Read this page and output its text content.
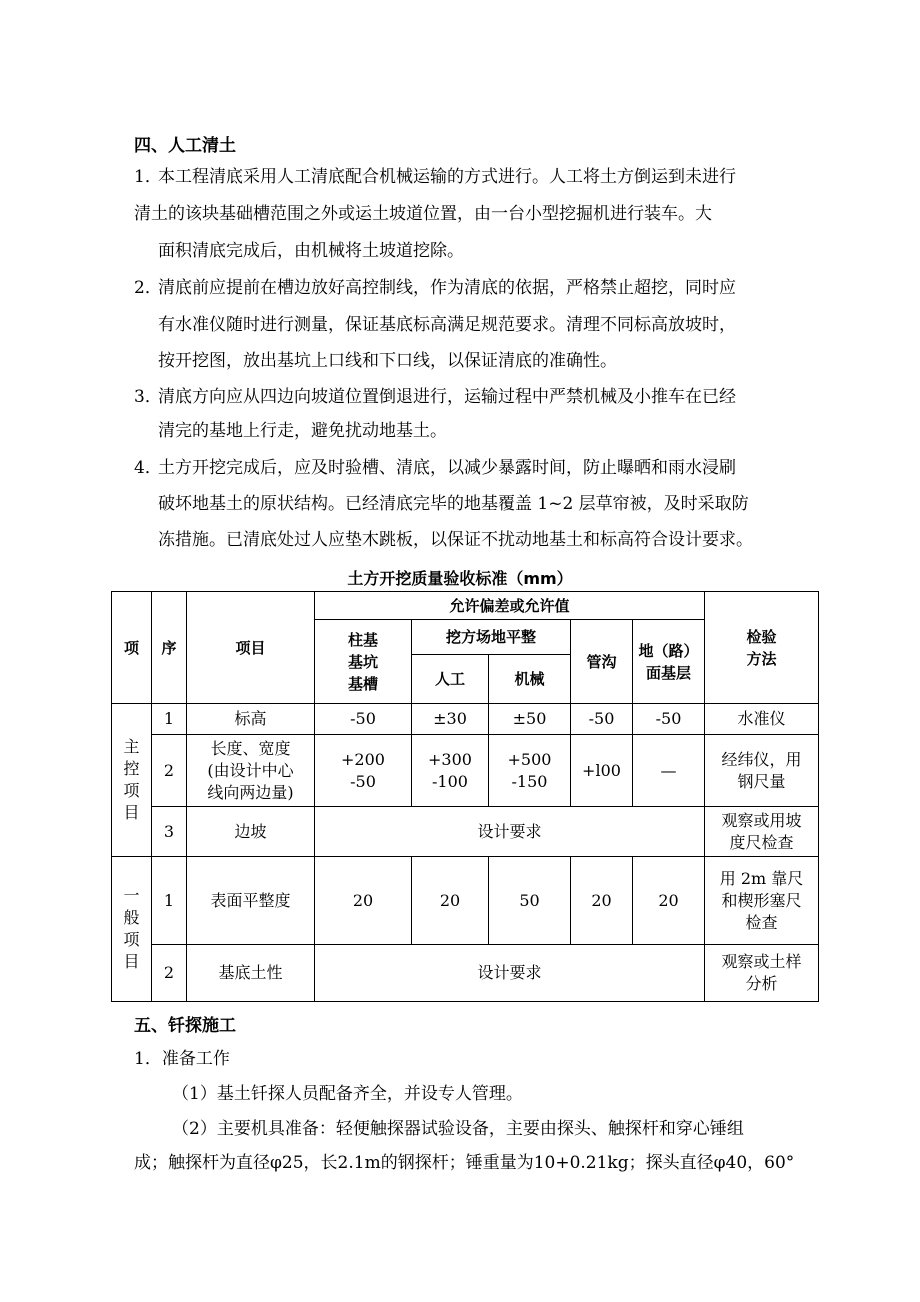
四、人工清土
1．
本工程清底采用人工清底配合机械运输的方式进行。人工将土方倒运到未进行
清土的该块基础槽范围之外或运土坡道位置，由一台小型挖掘机进行装车。大
面积清底完成后，由机械将土坡道挖除。
2．
清底前应提前在槽边放好高控制线，作为清底的依据，严格禁止超挖，同时应
有水准仪随时进行测量，保证基底标高满足规范要求。清理不同标高放坡时，
按开挖图，放出基坑上口线和下口线，以保证清底的准确性。
3．
清底方向应从四边向坡道位置倒退进行，运输过程中严禁机械及小推车在已经
清完的基地上行走，避免扰动地基土。
4．
土方开挖完成后，应及时验槽、清底，以减少暴露时间，防止曝晒和雨水浸刷
破坏地基土的原状结构。已经清底完毕的地基覆盖 1~2 层草帘被，及时采取防
冻措施。已清底处过人应垫木跳板，以保证不扰动地基土和标高符合设计要求。
土方开挖质量验收标准（mm）
项	序	项目	允许偏差或允许值					检验
方法
			柱基
基坑
基槽	挖方场地平整		管沟	地（路）
面基层	
				人工	机械			
主
控
项
目	1	标高	-50	±30	±50	-50	-50	水准仪
	2	长度、宽度
(由设计中心
线向两边量)	+200
-50	+300
-100	+500
-150	+l00	—	经纬仪，用
钢尺量
	3	边坡	设计要求					观察或用坡
度尺检查
一
般
项
目	1	表面平整度	20	20	50	20	20	用 2m 靠尺
和楔形塞尺
检查
	2	基底土性	设计要求					观察或土样
分析
五、钎探施工
1．准备工作
（1）基土钎探人员配备齐全，并设专人管理。
（2）主要机具准备：轻便触探器试验设备，主要由探头、触探杆和穿心锤组
成；触探杆为直径φ25，长2.1m的钢探杆；锤重量为10+0.21kg；探头直径φ40，60°
